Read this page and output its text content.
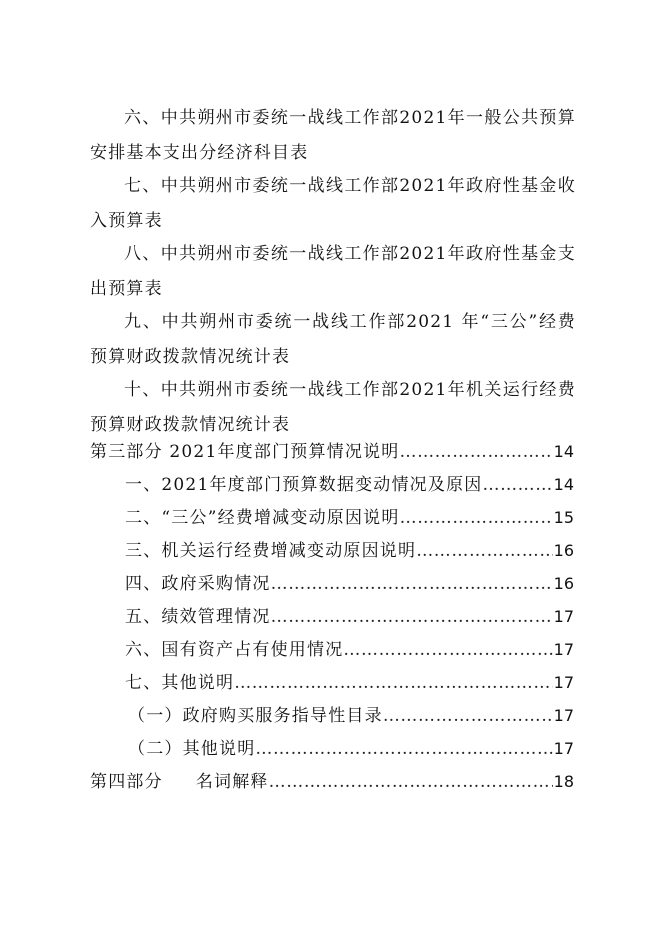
六、中共朔州市委统一战线工作部2021年一般公共预算安排基本支出分经济科目表

七、中共朔州市委统一战线工作部2021年政府性基金收入预算表

八、中共朔州市委统一战线工作部2021年政府性基金支出预算表

九、中共朔州市委统一战线工作部2021 年“三公”经费预算财政拨款情况统计表

十、中共朔州市委统一战线工作部2021年机关运行经费预算财政拨款情况统计表

第三部分 2021年度部门预算情况说明 …………………………………………………………………………………………………………………………………………	14
一、2021年度部门预算数据变动情况及原因 …………………………………………………………………………………………………………………………………………	14
二、“三公”经费增减变动原因说明 …………………………………………………………………………………………………………………………………………	15
三、机关运行经费增减变动原因说明 …………………………………………………………………………………………………………………………………………	16
四、政府采购情况 …………………………………………………………………………………………………………………………………………	16
五、绩效管理情况 …………………………………………………………………………………………………………………………………………	17
六、国有资产占有使用情况 …………………………………………………………………………………………………………………………………………	17
七、其他说明 …………………………………………………………………………………………………………………………………………	17
（一）政府购买服务指导性目录 …………………………………………………………………………………………………………………………………………	17
（二）其他说明 …………………………………………………………………………………………………………………………………………	17
第四部分     名词解释 …………………………………………………………………………………………………………………………………………	18
